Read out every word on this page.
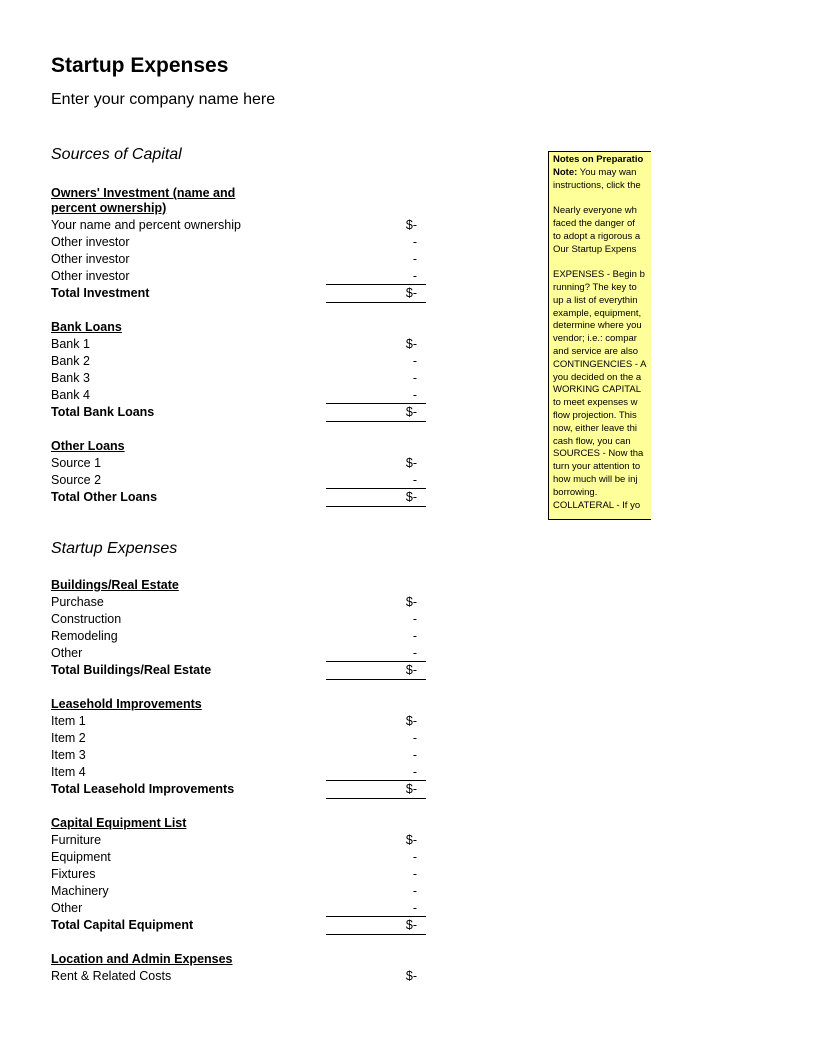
Startup Expenses
Enter your company name here
Sources of Capital
Owners' Investment (name and
percent ownership)
Your name and percent ownership	$-
Other investor	-
Other investor	-
Other investor	-
Total Investment	$-
Bank Loans
Bank 1	$-
Bank 2	-
Bank 3	-
Bank 4	-
Total Bank Loans	$-
Other Loans
Source 1	$-
Source 2	-
Total Other Loans	$-
Startup Expenses
Buildings/Real Estate
Purchase	$-
Construction	-
Remodeling	-
Other	-
Total Buildings/Real Estate	$-
Leasehold Improvements
Item 1	$-
Item 2	-
Item 3	-
Item 4	-
Total Leasehold Improvements	$-
Capital Equipment List
Furniture	$-
Equipment	-
Fixtures	-
Machinery	-
Other	-
Total Capital Equipment	$-
Location and Admin Expenses
Rent & Related Costs	$-
Notes on Preparatio
Note: You may wan
instructions, click the
Nearly everyone wh
faced the danger of
to adopt a rigorous a
Our Startup Expens
EXPENSES - Begin b
running? The key to
up a list of everythin
example, equipment,
determine where you
vendor; i.e.: compar
and service are also
CONTINGENCIES - A
you decided on the a
WORKING CAPITAL
to meet expenses w
flow projection. This
now, either leave thi
cash flow, you can
SOURCES - Now tha
turn your attention to
how much will be inj
borrowing.
COLLATERAL - If yo
